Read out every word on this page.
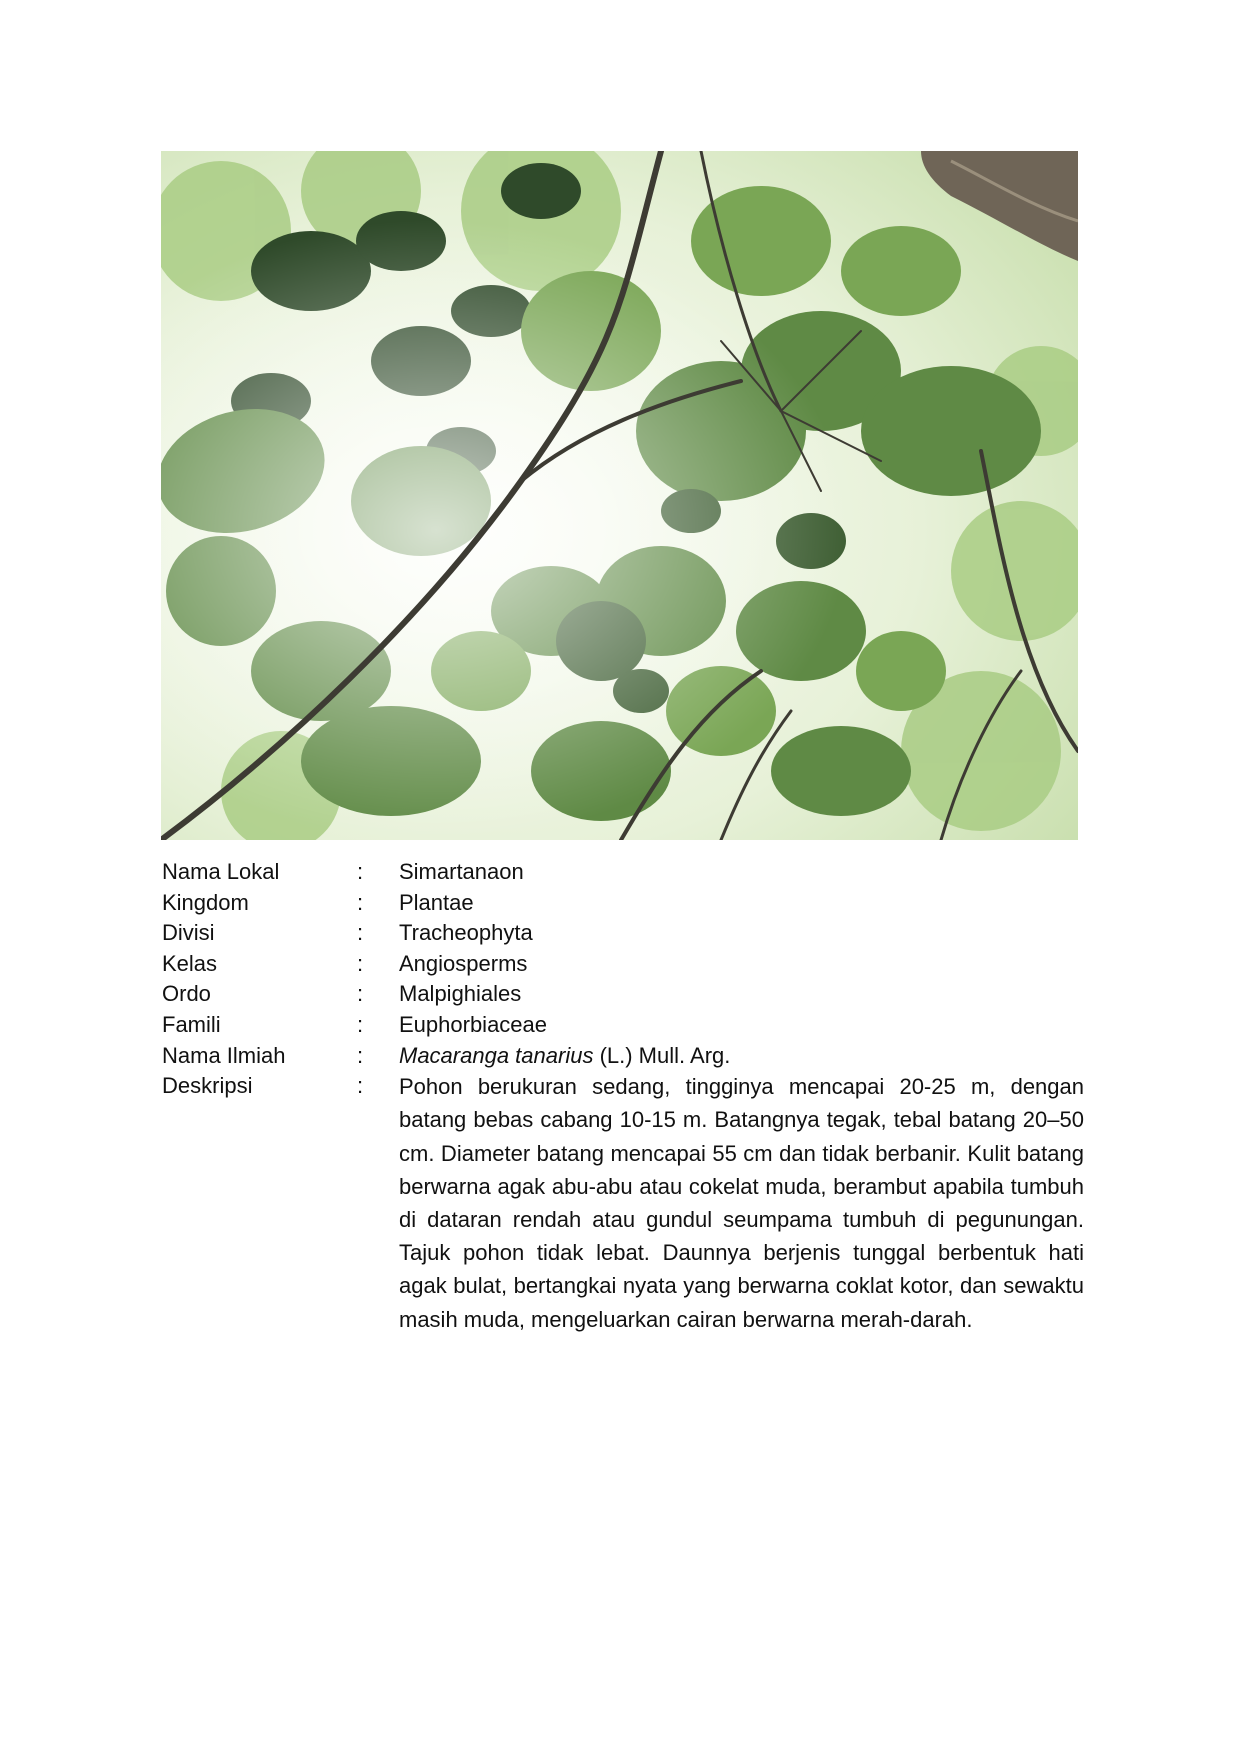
Nama Lokal	:	Simartanaon
Kingdom	:	Plantae
Divisi	:	Tracheophyta
Kelas	:	Angiosperms
Ordo	:	Malpighiales
Famili	:	Euphorbiaceae
Nama Ilmiah	:	Macaranga tanarius (L.) Mull. Arg.
Deskripsi	:	Pohon berukuran sedang, tingginya mencapai 20-25 m, dengan batang bebas cabang 10-15 m. Batangnya tegak, tebal batang 20–50 cm. Diameter batang mencapai 55 cm dan tidak berbanir. Kulit batang berwarna agak abu-abu atau cokelat muda, berambut apabila tumbuh di dataran rendah atau gundul seumpama tumbuh di pegunungan. Tajuk pohon tidak lebat. Daunnya berjenis tunggal berbentuk hati agak bulat, bertangkai nyata yang berwarna coklat kotor, dan sewaktu masih muda, mengeluarkan cairan berwarna merah-darah.
